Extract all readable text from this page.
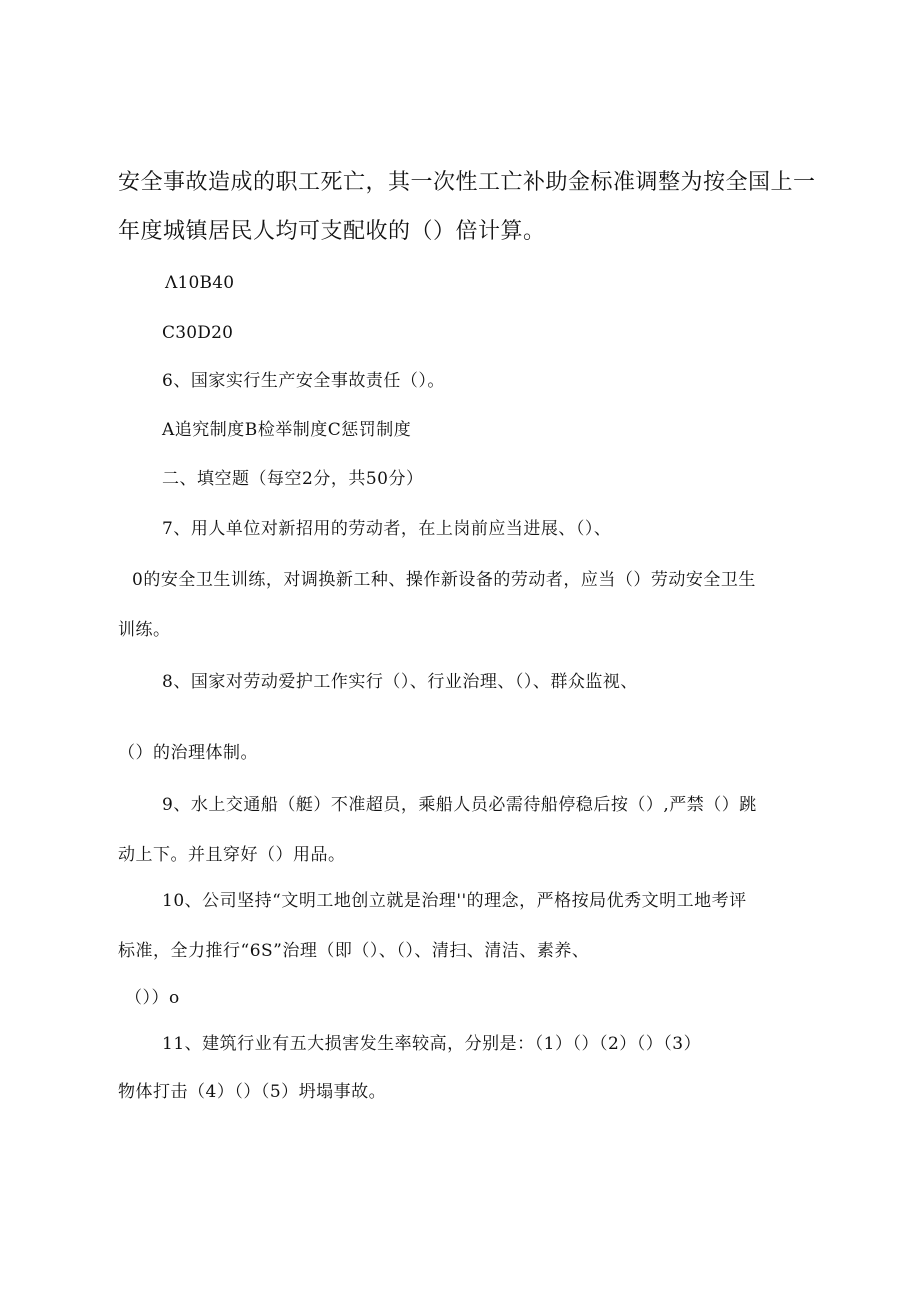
安全事故造成的职工死亡，其一次性工亡补助金标准调整为按全国上一
年度城镇居民人均可支配收的（）倍计算。
Λ10B40
C30D20
6、国家实行生产安全事故责任（）。
A追究制度B检举制度C惩罚制度
二、填空题（每空2分，共50分）
7、用人单位对新招用的劳动者，在上岗前应当进展、（）、
0的安全卫生训练，对调换新工种、操作新设备的劳动者，应当（）劳动安全卫生
训练。
8、国家对劳动爱护工作实行（）、行业治理、（）、群众监视、
（）的治理体制。
9、水上交通船（艇）不准超员，乘船人员必需待船停稳后按（）,严禁（）跳
动上下。并且穿好（）用品。
10、公司坚持“文明工地创立就是治理''的理念，严格按局优秀文明工地考评
标准，全力推行“6S”治理（即（）、（）、清扫、清洁、素养、
（））o
11、建筑行业有五大损害发生率较高，分别是：（1）（）（2）（）（3）
物体打击（4）（）（5）坍塌事故。
